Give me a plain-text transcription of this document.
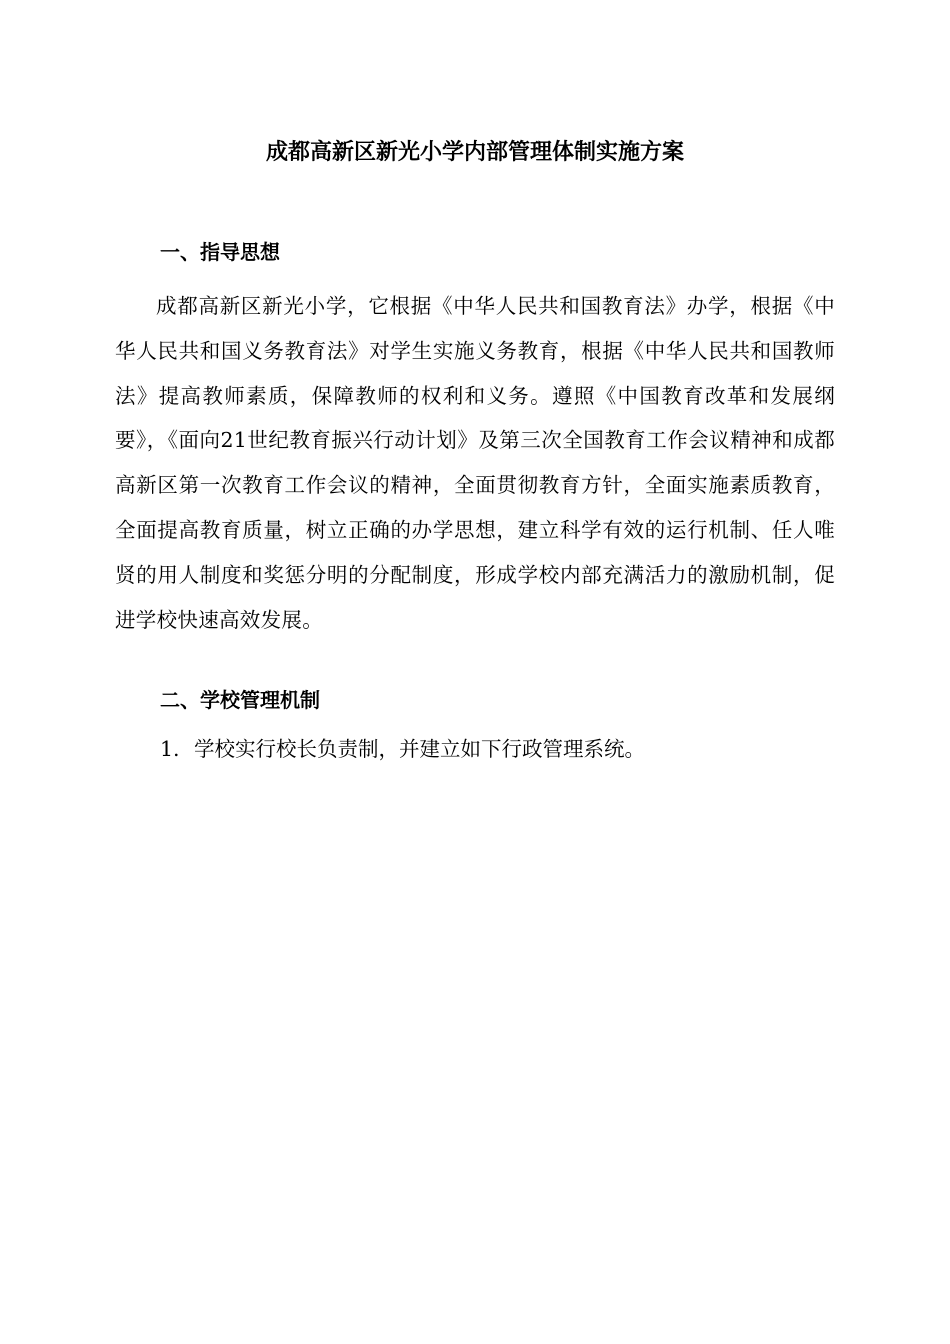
成都高新区新光小学内部管理体制实施方案
一、指导思想

成都高新区新光小学，它根据《中华人民共和国教育法》办学，根据《中华人民共和国义务教育法》对学生实施义务教育，根据《中华人民共和国教师法》提高教师素质，保障教师的权利和义务。遵照《中国教育改革和发展纲要》，《面向21世纪教育振兴行动计划》及第三次全国教育工作会议精神和成都高新区第一次教育工作会议的精神，全面贯彻教育方针，全面实施素质教育，全面提高教育质量，树立正确的办学思想，建立科学有效的运行机制、任人唯贤的用人制度和奖惩分明的分配制度，形成学校内部充满活力的激励机制，促进学校快速高效发展。

二、学校管理机制

1. 学校实行校长负责制，并建立如下行政管理系统。
